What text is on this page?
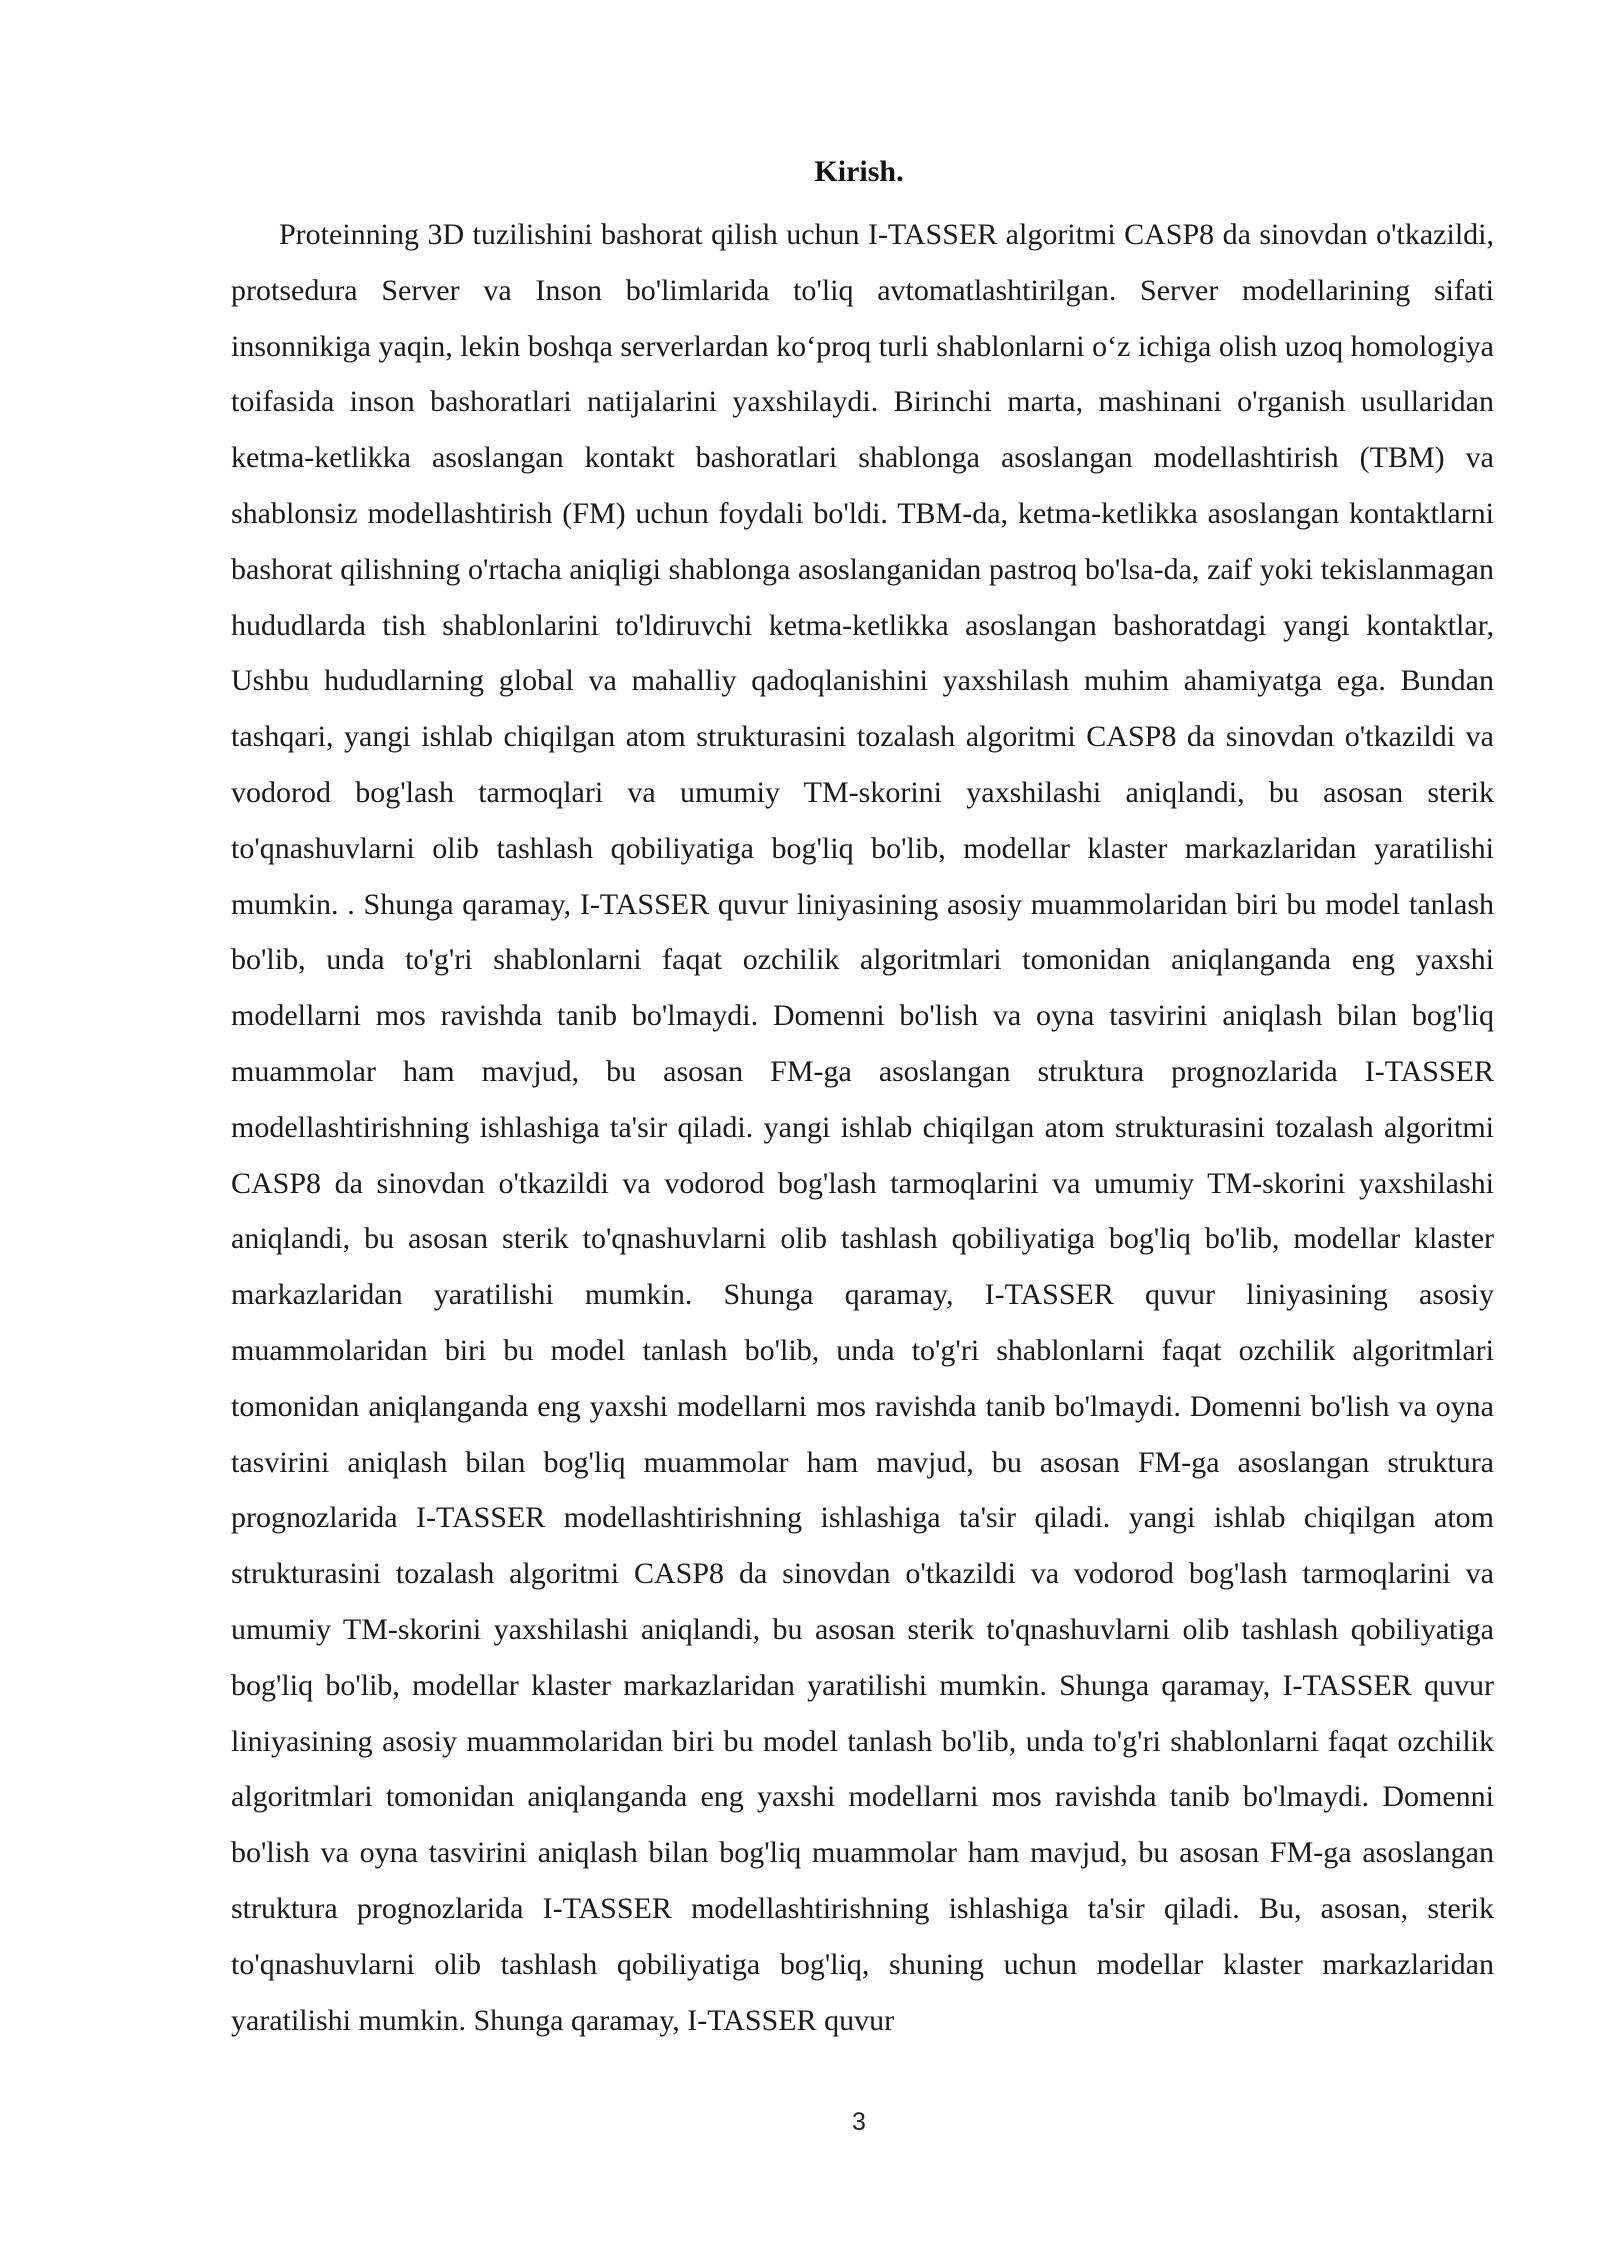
Kirish.

Proteinning 3D tuzilishini bashorat qilish uchun I-TASSER algoritmi CASP8 da sinovdan o'tkazildi, protsedura Server va Inson bo'limlarida to'liq avtomatlashtirilgan. Server modellarining sifati insonnikiga yaqin, lekin boshqa serverlardan ko‘proq turli shablonlarni o‘z ichiga olish uzoq homologiya toifasida inson bashoratlari natijalarini yaxshilaydi. Birinchi marta, mashinani o'rganish usullaridan ketma-ketlikka asoslangan kontakt bashoratlari shablonga asoslangan modellashtirish (TBM) va shablonsiz modellashtirish (FM) uchun foydali bo'ldi. TBM-da, ketma-ketlikka asoslangan kontaktlarni bashorat qilishning o'rtacha aniqligi shablonga asoslanganidan pastroq bo'lsa-da, zaif yoki tekislanmagan hududlarda tish shablonlarini to'ldiruvchi ketma-ketlikka asoslangan bashoratdagi yangi kontaktlar, Ushbu hududlarning global va mahalliy qadoqlanishini yaxshilash muhim ahamiyatga ega. Bundan tashqari, yangi ishlab chiqilgan atom strukturasini tozalash algoritmi CASP8 da sinovdan o'tkazildi va vodorod bog'lash tarmoqlari va umumiy TM-skorini yaxshilashi aniqlandi, bu asosan sterik to'qnashuvlarni olib tashlash qobiliyatiga bog'liq bo'lib, modellar klaster markazlaridan yaratilishi mumkin. . Shunga qaramay, I-TASSER quvur liniyasining asosiy muammolaridan biri bu model tanlash bo'lib, unda to'g'ri shablonlarni faqat ozchilik algoritmlari tomonidan aniqlanganda eng yaxshi modellarni mos ravishda tanib bo'lmaydi. Domenni bo'lish va oyna tasvirini aniqlash bilan bog'liq muammolar ham mavjud, bu asosan FM-ga asoslangan struktura prognozlarida I-TASSER modellashtirishning ishlashiga ta'sir qiladi. yangi ishlab chiqilgan atom strukturasini tozalash algoritmi CASP8 da sinovdan o'tkazildi va vodorod bog'lash tarmoqlarini va umumiy TM-skorini yaxshilashi aniqlandi, bu asosan sterik to'qnashuvlarni olib tashlash qobiliyatiga bog'liq bo'lib, modellar klaster markazlaridan yaratilishi mumkin. Shunga qaramay, I-TASSER quvur liniyasining asosiy muammolaridan biri bu model tanlash bo'lib, unda to'g'ri shablonlarni faqat ozchilik algoritmlari tomonidan aniqlanganda eng yaxshi modellarni mos ravishda tanib bo'lmaydi. Domenni bo'lish va oyna tasvirini aniqlash bilan bog'liq muammolar ham mavjud, bu asosan FM-ga asoslangan struktura prognozlarida I-TASSER modellashtirishning ishlashiga ta'sir qiladi. yangi ishlab chiqilgan atom strukturasini tozalash algoritmi CASP8 da sinovdan o'tkazildi va vodorod bog'lash tarmoqlarini va umumiy TM-skorini yaxshilashi aniqlandi, bu asosan sterik to'qnashuvlarni olib tashlash qobiliyatiga bog'liq bo'lib, modellar klaster markazlaridan yaratilishi mumkin. Shunga qaramay, I-TASSER quvur liniyasining asosiy muammolaridan biri bu model tanlash bo'lib, unda to'g'ri shablonlarni faqat ozchilik algoritmlari tomonidan aniqlanganda eng yaxshi modellarni mos ravishda tanib bo'lmaydi. Domenni bo'lish va oyna tasvirini aniqlash bilan bog'liq muammolar ham mavjud, bu asosan FM-ga asoslangan struktura prognozlarida I-TASSER modellashtirishning ishlashiga ta'sir qiladi. Bu, asosan, sterik to'qnashuvlarni olib tashlash qobiliyatiga bog'liq, shuning uchun modellar klaster markazlaridan yaratilishi mumkin. Shunga qaramay, I-TASSER quvur

3
